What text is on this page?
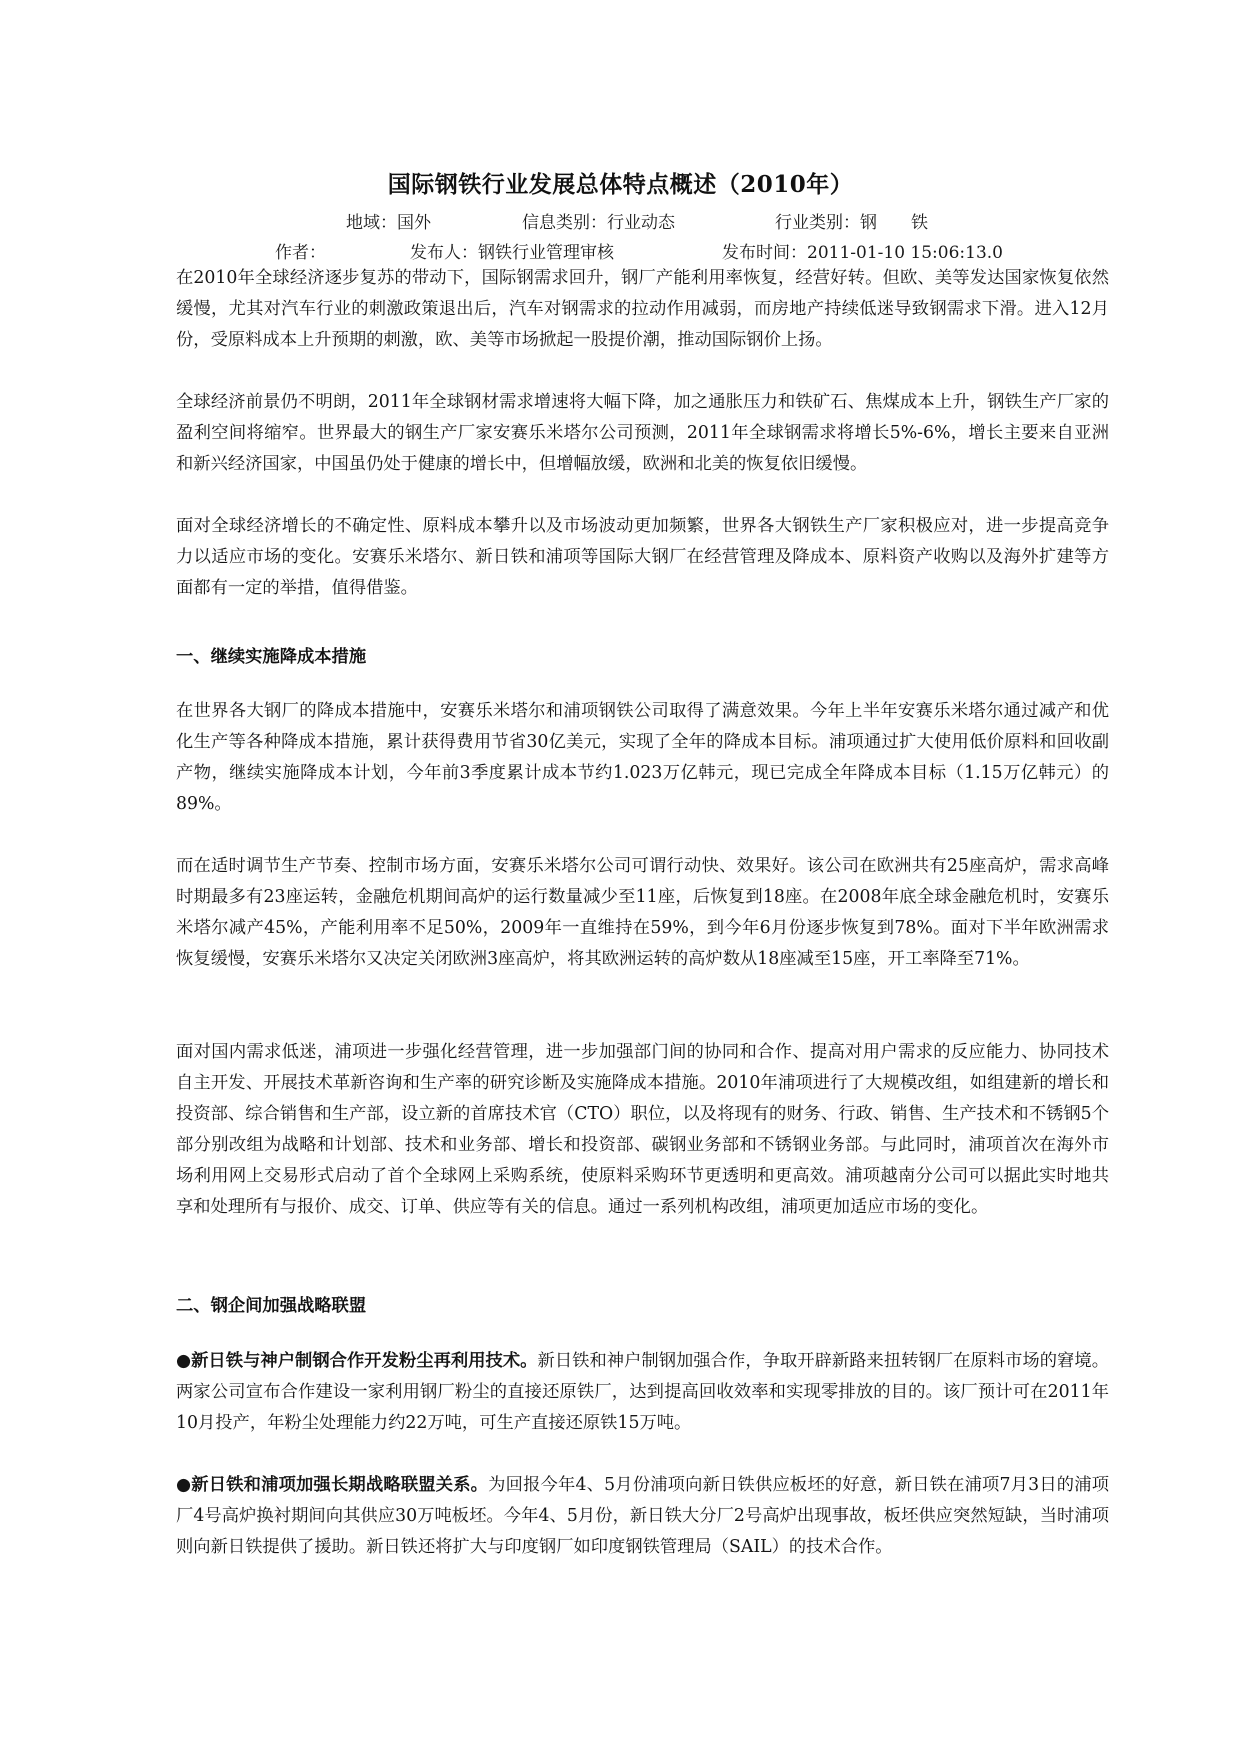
国际钢铁行业发展总体特点概述（2010年）
地域：国外	信息类别：行业动态	行业类别：钢　　铁
作者：	发布人：钢铁行业管理审核	发布时间：2011-01-10 15:06:13.0

在2010年全球经济逐步复苏的带动下，国际钢需求回升，钢厂产能利用率恢复，经营好转。但欧、美等发达国家恢复依然缓慢，尤其对汽车行业的刺激政策退出后，汽车对钢需求的拉动作用减弱，而房地产持续低迷导致钢需求下滑。进入12月份，受原料成本上升预期的刺激，欧、美等市场掀起一股提价潮，推动国际钢价上扬。

全球经济前景仍不明朗，2011年全球钢材需求增速将大幅下降，加之通胀压力和铁矿石、焦煤成本上升，钢铁生产厂家的盈利空间将缩窄。世界最大的钢生产厂家安赛乐米塔尔公司预测，2011年全球钢需求将增长5%-6%，增长主要来自亚洲和新兴经济国家，中国虽仍处于健康的增长中，但增幅放缓，欧洲和北美的恢复依旧缓慢。

面对全球经济增长的不确定性、原料成本攀升以及市场波动更加频繁，世界各大钢铁生产厂家积极应对，进一步提高竞争力以适应市场的变化。安赛乐米塔尔、新日铁和浦项等国际大钢厂在经营管理及降成本、原料资产收购以及海外扩建等方面都有一定的举措，值得借鉴。

一、继续实施降成本措施

在世界各大钢厂的降成本措施中，安赛乐米塔尔和浦项钢铁公司取得了满意效果。今年上半年安赛乐米塔尔通过减产和优化生产等各种降成本措施，累计获得费用节省30亿美元，实现了全年的降成本目标。浦项通过扩大使用低价原料和回收副产物，继续实施降成本计划，今年前3季度累计成本节约1.023万亿韩元，现已完成全年降成本目标（1.15万亿韩元）的89%。

而在适时调节生产节奏、控制市场方面，安赛乐米塔尔公司可谓行动快、效果好。该公司在欧洲共有25座高炉，需求高峰时期最多有23座运转，金融危机期间高炉的运行数量减少至11座，后恢复到18座。在2008年底全球金融危机时，安赛乐米塔尔减产45%，产能利用率不足50%，2009年一直维持在59%，到今年6月份逐步恢复到78%。面对下半年欧洲需求恢复缓慢，安赛乐米塔尔又决定关闭欧洲3座高炉，将其欧洲运转的高炉数从18座减至15座，开工率降至71%。

面对国内需求低迷，浦项进一步强化经营管理，进一步加强部门间的协同和合作、提高对用户需求的反应能力、协同技术自主开发、开展技术革新咨询和生产率的研究诊断及实施降成本措施。2010年浦项进行了大规模改组，如组建新的增长和投资部、综合销售和生产部，设立新的首席技术官（CTO）职位，以及将现有的财务、行政、销售、生产技术和不锈钢5个部分别改组为战略和计划部、技术和业务部、增长和投资部、碳钢业务部和不锈钢业务部。与此同时，浦项首次在海外市场利用网上交易形式启动了首个全球网上采购系统，使原料采购环节更透明和更高效。浦项越南分公司可以据此实时地共享和处理所有与报价、成交、订单、供应等有关的信息。通过一系列机构改组，浦项更加适应市场的变化。

二、钢企间加强战略联盟

●新日铁与神户制钢合作开发粉尘再利用技术。新日铁和神户制钢加强合作，争取开辟新路来扭转钢厂在原料市场的窘境。两家公司宣布合作建设一家利用钢厂粉尘的直接还原铁厂，达到提高回收效率和实现零排放的目的。该厂预计可在2011年10月投产，年粉尘处理能力约22万吨，可生产直接还原铁15万吨。

●新日铁和浦项加强长期战略联盟关系。为回报今年4、5月份浦项向新日铁供应板坯的好意，新日铁在浦项7月3日的浦项厂4号高炉换衬期间向其供应30万吨板坯。今年4、5月份，新日铁大分厂2号高炉出现事故，板坯供应突然短缺，当时浦项则向新日铁提供了援助。新日铁还将扩大与印度钢厂如印度钢铁管理局（SAIL）的技术合作。
